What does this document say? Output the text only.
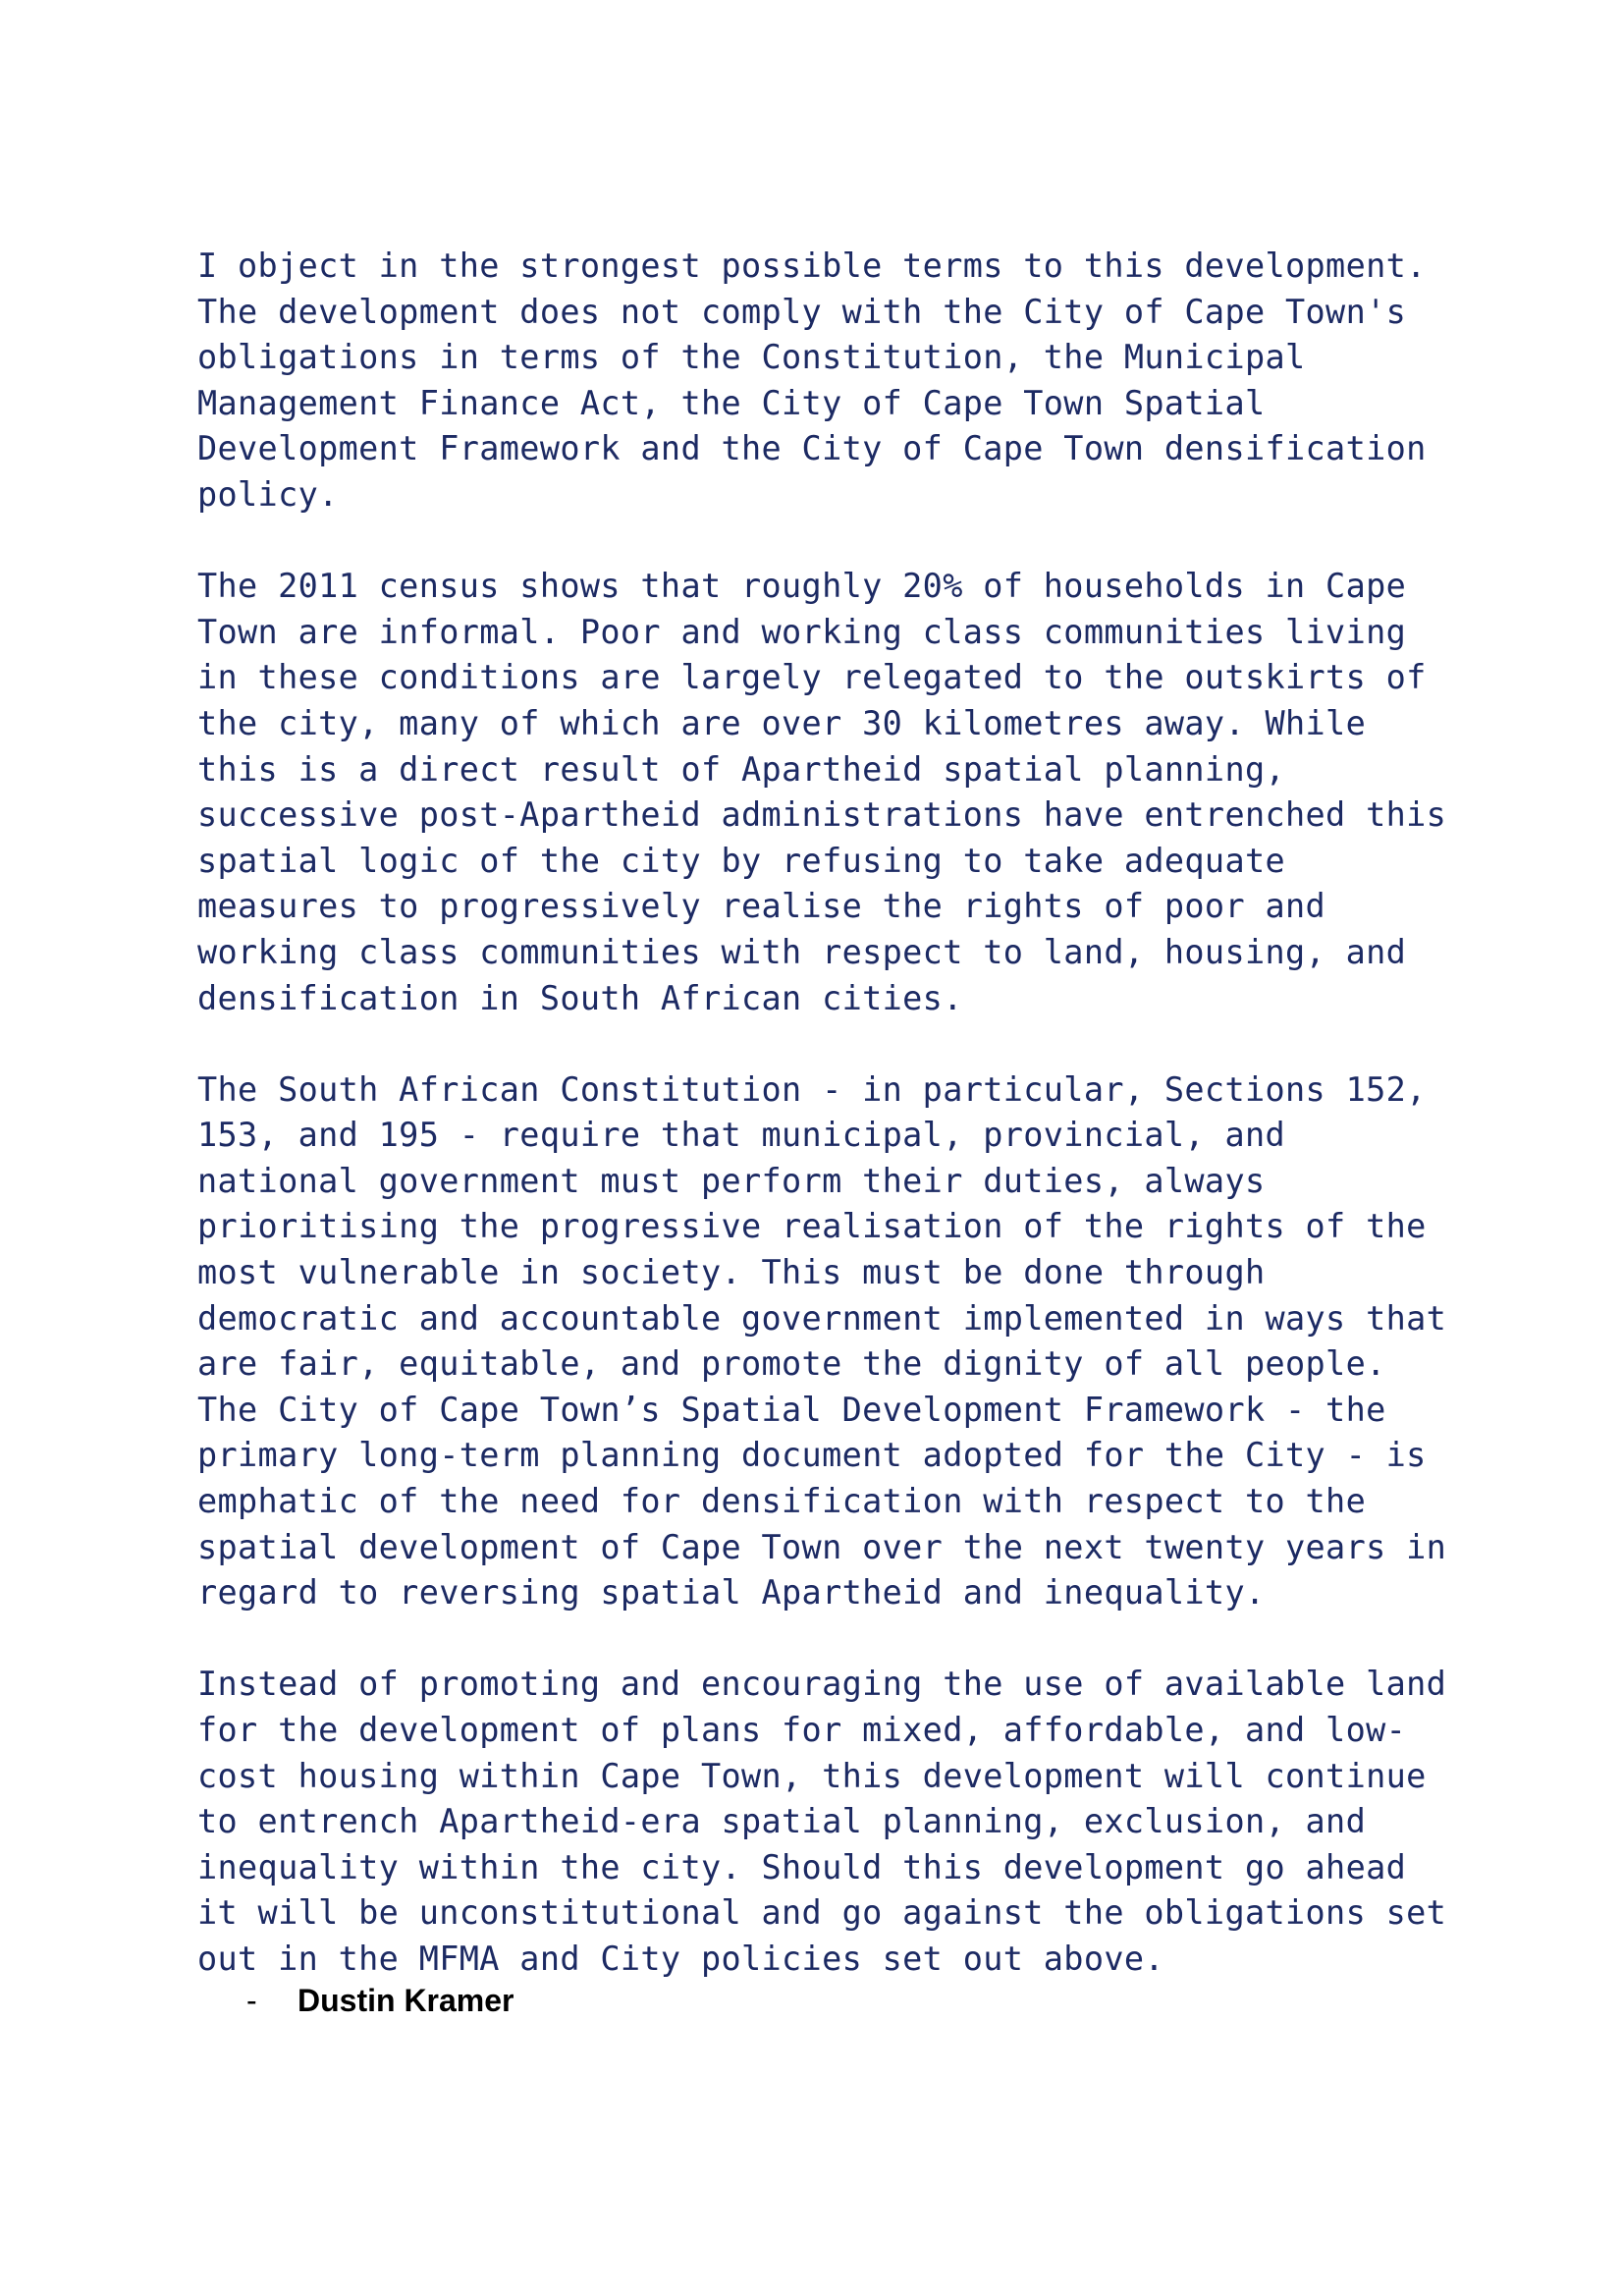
I object in the strongest possible terms to this development.
The development does not comply with the City of Cape Town's
obligations in terms of the Constitution, the Municipal
Management Finance Act, the City of Cape Town Spatial
Development Framework and the City of Cape Town densification
policy.
The 2011 census shows that roughly 20% of households in Cape
Town are informal. Poor and working class communities living
in these conditions are largely relegated to the outskirts of
the city, many of which are over 30 kilometres away. While
this is a direct result of Apartheid spatial planning,
successive post-Apartheid administrations have entrenched this
spatial logic of the city by refusing to take adequate
measures to progressively realise the rights of poor and
working class communities with respect to land, housing, and
densification in South African cities.
The South African Constitution - in particular, Sections 152,
153, and 195 - require that municipal, provincial, and
national government must perform their duties, always
prioritising the progressive realisation of the rights of the
most vulnerable in society. This must be done through
democratic and accountable government implemented in ways that
are fair, equitable, and promote the dignity of all people.
The City of Cape Town’s Spatial Development Framework - the
primary long-term planning document adopted for the City - is
emphatic of the need for densification with respect to the
spatial development of Cape Town over the next twenty years in
regard to reversing spatial Apartheid and inequality.
Instead of promoting and encouraging the use of available land
for the development of plans for mixed, affordable, and low-
cost housing within Cape Town, this development will continue
to entrench Apartheid-era spatial planning, exclusion, and
inequality within the city. Should this development go ahead
it will be unconstitutional and go against the obligations set
out in the MFMA and City policies set out above.
-	Dustin Kramer
